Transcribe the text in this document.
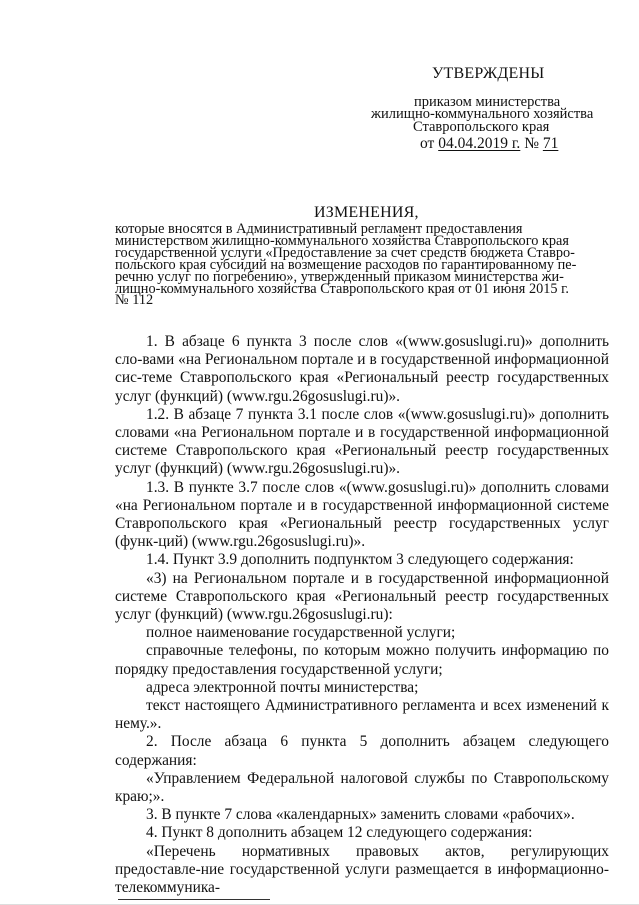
УТВЕРЖДЕНЫ
приказом министерства
жилищно-коммунального хозяйства
Ставропольского края
от 04.04.2019 г. № 71
ИЗМЕНЕНИЯ,

которые вносятся в Административный регламент предоставления

министерством жилищно-коммунального хозяйства Ставропольского края

государственной услуги «Предоставление за счет средств бюджета Ставро-

польского края субсидий на возмещение расходов по гарантированному пе-

речню услуг по погребению», утвержденный приказом министерства жи-

лищно-коммунального хозяйства Ставропольского края от 01 июня 2015 г.

№ 112

1. В абзаце 6 пункта 3 после слов «(www.gosuslugi.ru)» дополнить сло-вами «на Региональном портале и в государственной информационной сис-теме Ставропольского края «Региональный реестр государственных услуг (функций) (www.rgu.26gosuslugi.ru)».

1.2. В абзаце 7 пункта 3.1 после слов «(www.gosuslugi.ru)» дополнить словами «на Региональном портале и в государственной информационной системе Ставропольского края «Региональный реестр государственных услуг (функций) (www.rgu.26gosuslugi.ru)».

1.3. В пункте 3.7 после слов «(www.gosuslugi.ru)» дополнить словами «на Региональном портале и в государственной информационной системе Ставропольского края «Региональный реестр государственных услуг (функ-ций) (www.rgu.26gosuslugi.ru)».

1.4. Пункт 3.9 дополнить подпунктом 3 следующего содержания:

«3) на Региональном портале и в государственной информационной системе Ставропольского края «Региональный реестр государственных услуг (функций) (www.rgu.26gosuslugi.ru):

полное наименование государственной услуги;

справочные телефоны, по которым можно получить информацию по порядку предоставления государственной услуги;

адреса электронной почты министерства;

текст настоящего Административного регламента и всех изменений к нему.».

2. После абзаца 6 пункта 5 дополнить абзацем следующего содержания:

«Управлением Федеральной налоговой службы по Ставропольскому краю;».

3. В пункте 7 слова «календарных» заменить словами «рабочих».

4. Пункт 8 дополнить абзацем 12 следующего содержания:

«Перечень нормативных правовых актов, регулирующих предоставле-ние государственной услуги размещается в информационно-телекоммуника-
